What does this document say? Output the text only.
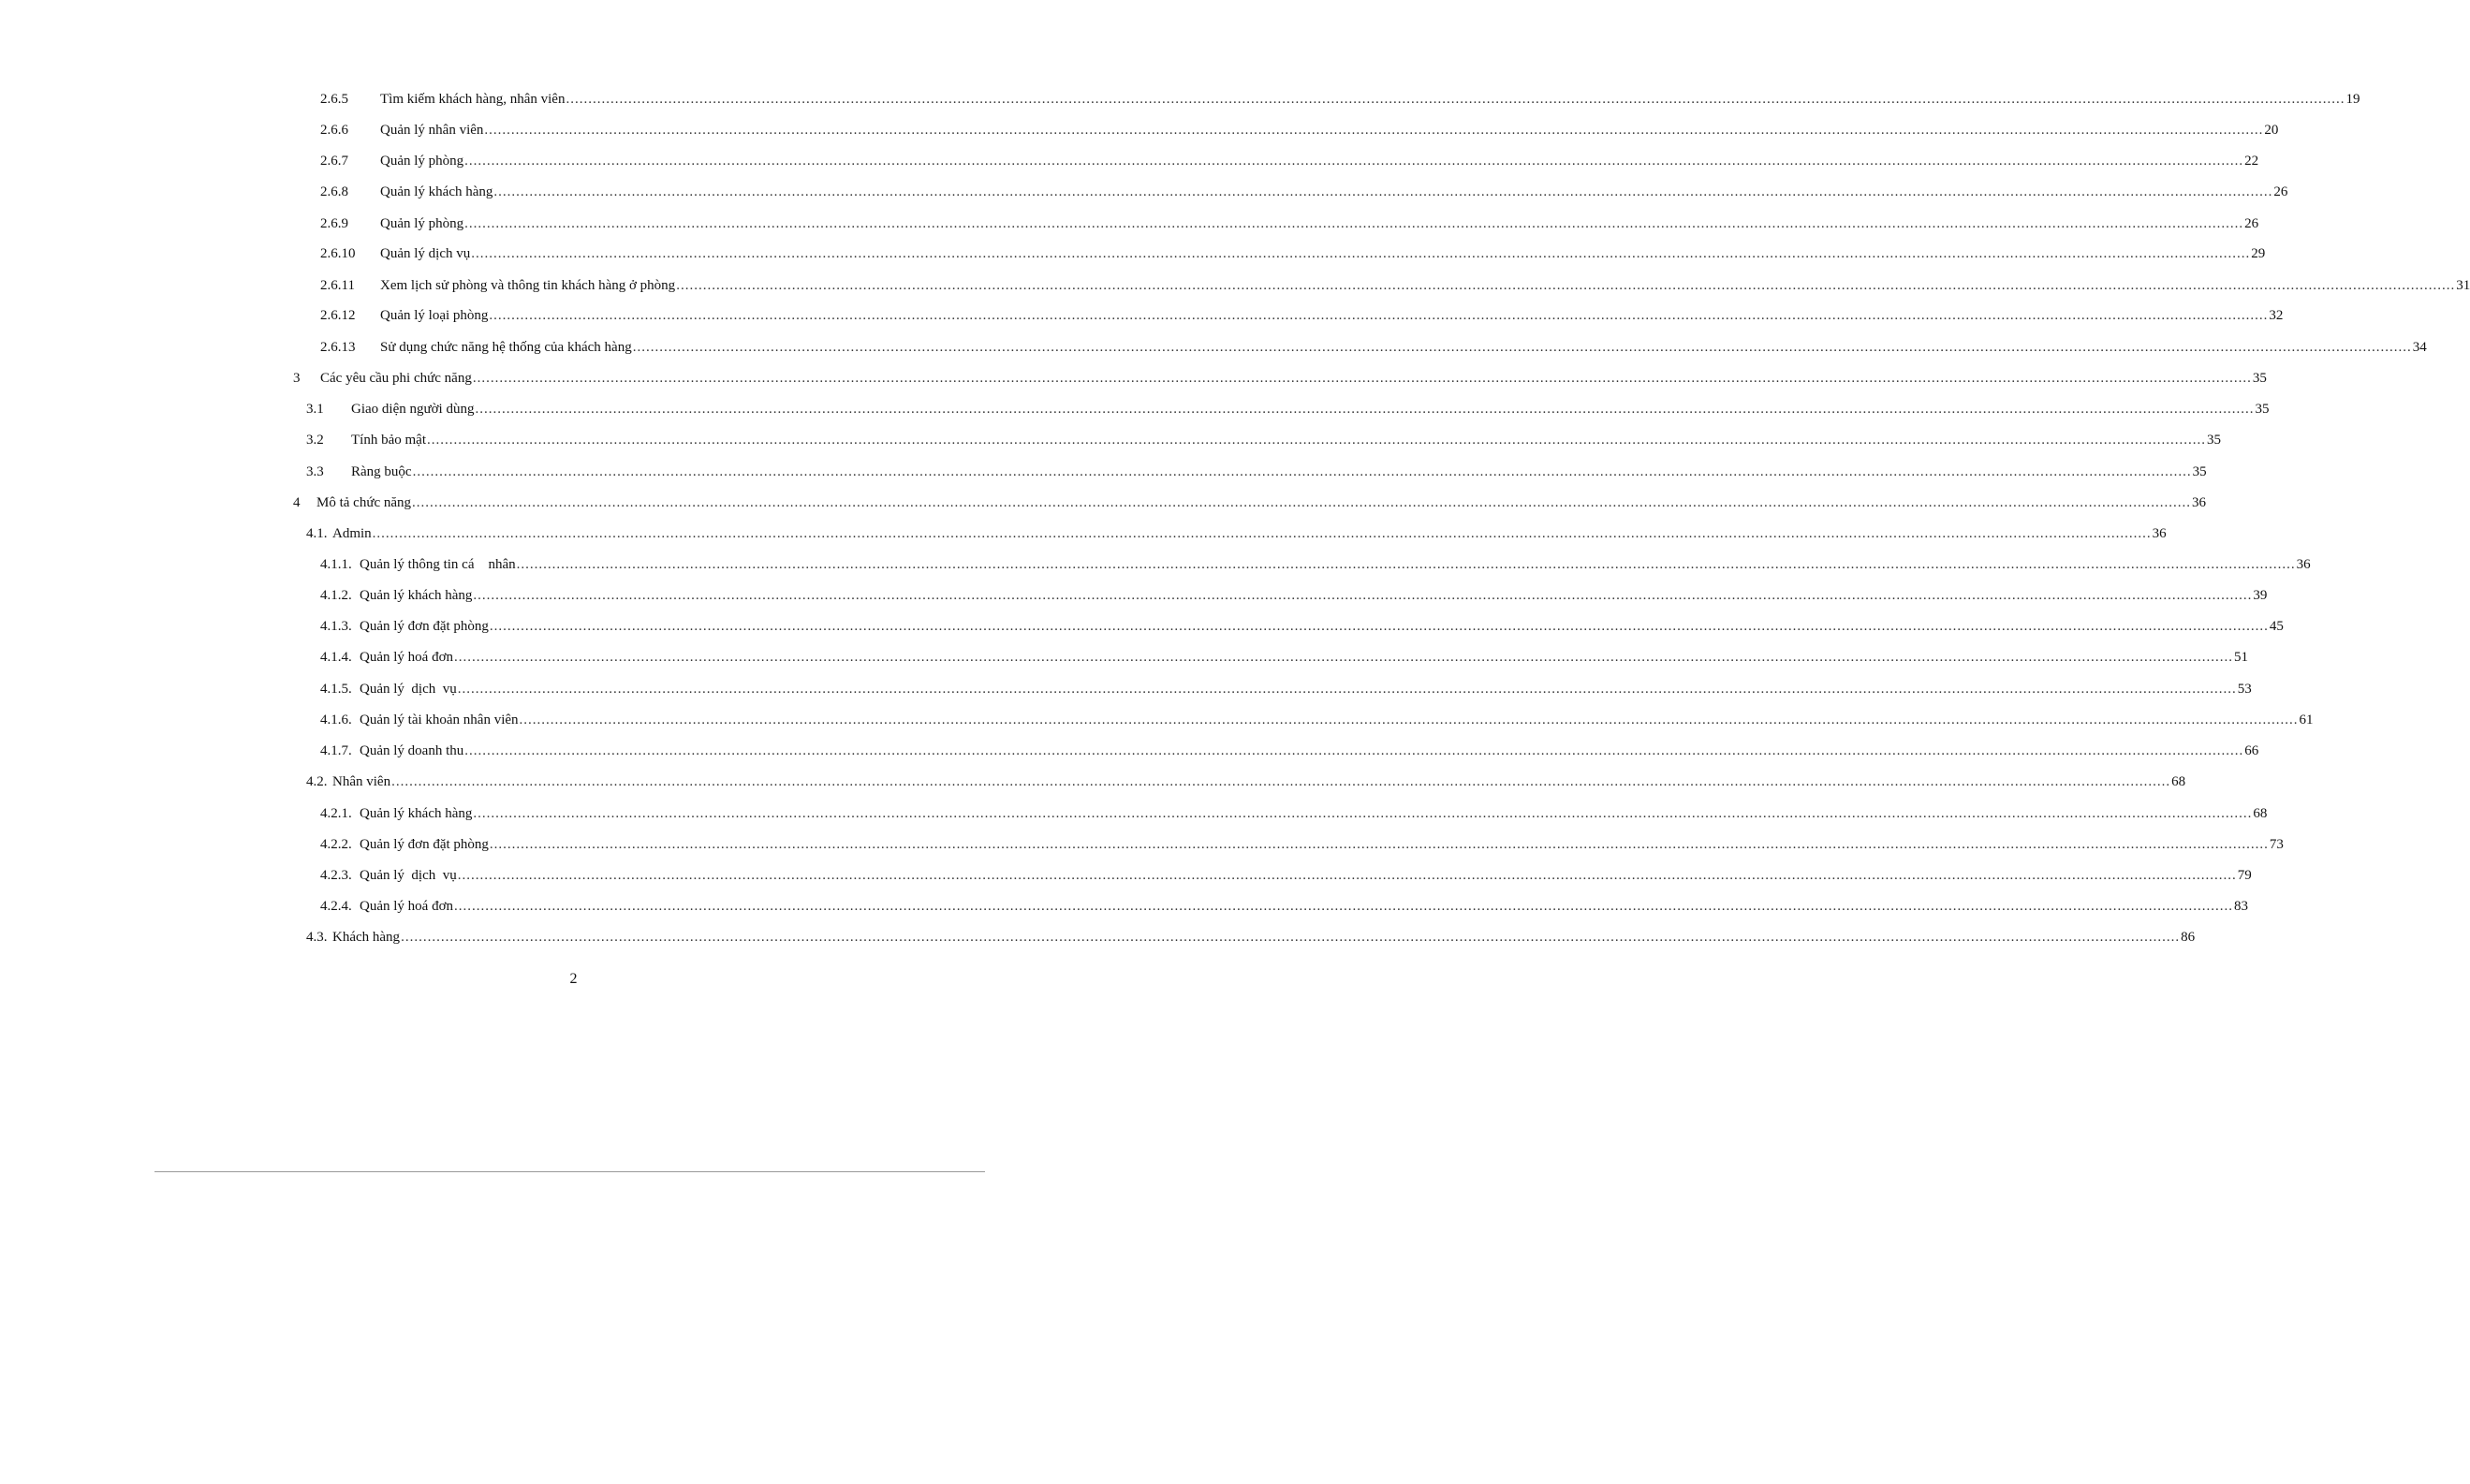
2.6.5	Tìm kiếm khách hàng, nhân viên ................................................................................................................................................................................................................................................................................................................................................................................................................ 19
2.6.6	Quản lý nhân viên ................................................................................................................................................................................................................................................................................................................................................................................................................ 20
2.6.7	Quản lý phòng ................................................................................................................................................................................................................................................................................................................................................................................................................ 22
2.6.8	Quản lý khách hàng ................................................................................................................................................................................................................................................................................................................................................................................................................ 26
2.6.9	Quản lý phòng ................................................................................................................................................................................................................................................................................................................................................................................................................ 26
2.6.10	Quản lý dịch vụ ................................................................................................................................................................................................................................................................................................................................................................................................................ 29
2.6.11	Xem lịch sử phòng và thông tin khách hàng ở phòng ................................................................................................................................................................................................................................................................................................................................................................................................................ 31
2.6.12	Quản lý loại phòng ................................................................................................................................................................................................................................................................................................................................................................................................................ 32
2.6.13	Sử dụng chức năng hệ thống của khách hàng ................................................................................................................................................................................................................................................................................................................................................................................................................ 34
3	Các yêu cầu phi chức năng ................................................................................................................................................................................................................................................................................................................................................................................................................ 35
3.1	Giao diện người dùng ................................................................................................................................................................................................................................................................................................................................................................................................................ 35
3.2	Tính bảo mật ................................................................................................................................................................................................................................................................................................................................................................................................................ 35
3.3	Ràng buộc ................................................................................................................................................................................................................................................................................................................................................................................................................ 35
4	Mô tả chức năng ................................................................................................................................................................................................................................................................................................................................................................................................................ 36
4.1. Admin ................................................................................................................................................................................................................................................................................................................................................................................................................ 36
4.1.1. Quản lý thông tin cá    nhân ................................................................................................................................................................................................................................................................................................................................................................................................................ 36
4.1.2. Quản lý khách hàng ................................................................................................................................................................................................................................................................................................................................................................................................................ 39
4.1.3. Quản lý đơn đặt phòng ................................................................................................................................................................................................................................................................................................................................................................................................................ 45
4.1.4. Quản lý hoá đơn ................................................................................................................................................................................................................................................................................................................................................................................................................ 51
4.1.5. Quản lý  dịch  vụ ................................................................................................................................................................................................................................................................................................................................................................................................................ 53
4.1.6. Quản lý tài khoản nhân viên ................................................................................................................................................................................................................................................................................................................................................................................................................ 61
4.1.7. Quản lý doanh thu ................................................................................................................................................................................................................................................................................................................................................................................................................ 66
4.2. Nhân viên ................................................................................................................................................................................................................................................................................................................................................................................................................ 68
4.2.1. Quản lý khách hàng ................................................................................................................................................................................................................................................................................................................................................................................................................ 68
4.2.2. Quản lý đơn đặt phòng ................................................................................................................................................................................................................................................................................................................................................................................................................ 73
4.2.3. Quản lý  dịch  vụ ................................................................................................................................................................................................................................................................................................................................................................................................................ 79
4.2.4. Quản lý hoá đơn ................................................................................................................................................................................................................................................................................................................................................................................................................ 83
4.3. Khách hàng ................................................................................................................................................................................................................................................................................................................................................................................................................ 86
2
